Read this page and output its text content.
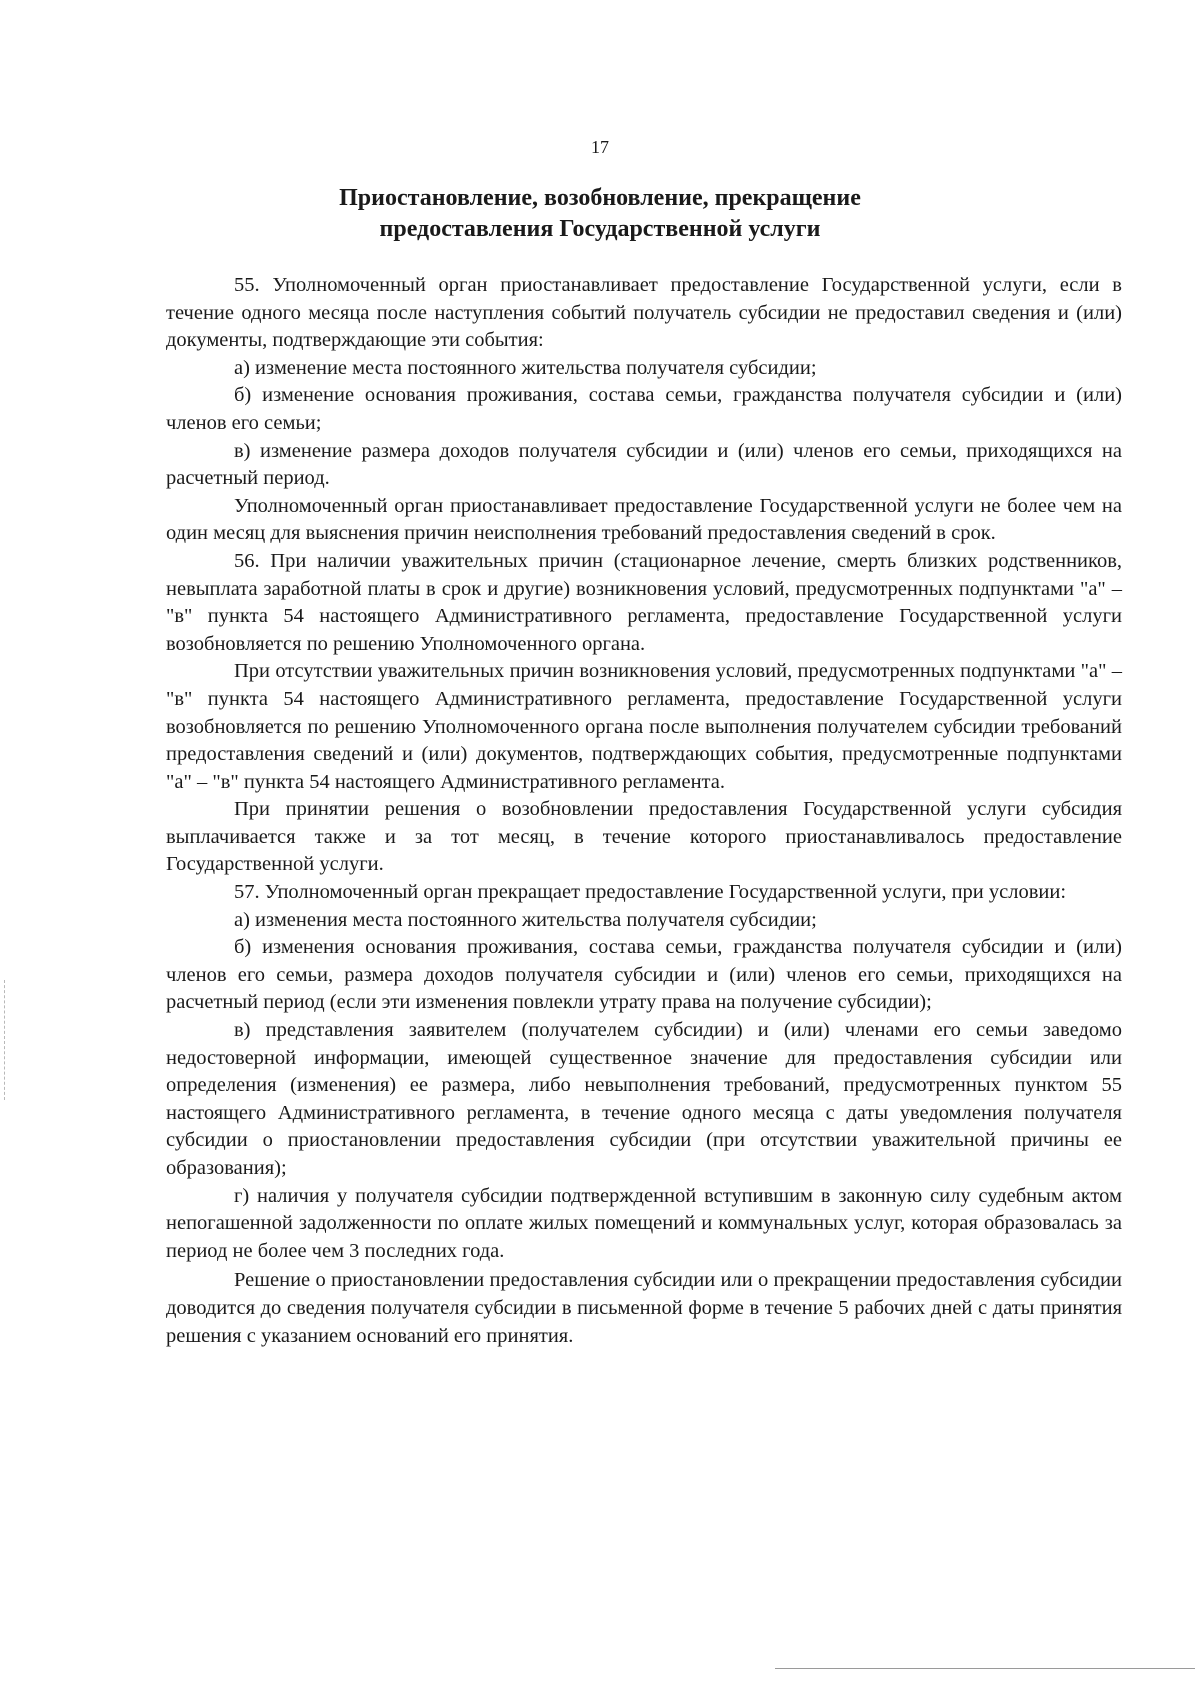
17
Приостановление, возобновление, прекращение
предоставления Государственной услуги

55. Уполномоченный орган приостанавливает предоставление Государственной услуги, если в течение одного месяца после наступления событий получатель субсидии не предоставил сведения и (или) документы, подтверждающие эти события:

а) изменение места постоянного жительства получателя субсидии;

б) изменение основания проживания, состава семьи, гражданства получателя субсидии и (или) членов его семьи;

в) изменение размера доходов получателя субсидии и (или) членов его семьи, приходящихся на расчетный период.

Уполномоченный орган приостанавливает предоставление Государственной услуги не более чем на один месяц для выяснения причин неисполнения требований предоставления сведений в срок.

56. При наличии уважительных причин (стационарное лечение, смерть близких родственников, невыплата заработной платы в срок и другие) возникновения условий, предусмотренных подпунктами "а" – "в" пункта 54 настоящего Административного регламента, предоставление Государственной услуги возобновляется по решению Уполномоченного органа.

При отсутствии уважительных причин возникновения условий, предусмотренных подпунктами "а" – "в" пункта 54 настоящего Административного регламента, предоставление Государственной услуги возобновляется по решению Уполномоченного органа после выполнения получателем субсидии требований предоставления сведений и (или) документов, подтверждающих события, предусмотренные подпунктами "а" – "в" пункта 54 настоящего Административного регламента.

При принятии решения о возобновлении предоставления Государственной услуги субсидия выплачивается также и за тот месяц, в течение которого приостанавливалось предоставление Государственной услуги.

57. Уполномоченный орган прекращает предоставление Государственной услуги, при условии:

а) изменения места постоянного жительства получателя субсидии;

б) изменения основания проживания, состава семьи, гражданства получателя субсидии и (или) членов его семьи, размера доходов получателя субсидии и (или) членов его семьи, приходящихся на расчетный период (если эти изменения повлекли утрату права на получение субсидии);

в) представления заявителем (получателем субсидии) и (или) членами его семьи заведомо недостоверной информации, имеющей существенное значение для предоставления субсидии или определения (изменения) ее размера, либо невыполнения требований, предусмотренных пунктом 55 настоящего Административного регламента, в течение одного месяца с даты уведомления получателя субсидии о приостановлении предоставления субсидии (при отсутствии уважительной причины ее образования);

г) наличия у получателя субсидии подтвержденной вступившим в законную силу судебным актом непогашенной задолженности по оплате жилых помещений и коммунальных услуг, которая образовалась за период не более чем 3 последних года.

Решение о приостановлении предоставления субсидии или о прекращении предоставления субсидии доводится до сведения получателя субсидии в письменной форме в течение 5 рабочих дней с даты принятия решения с указанием оснований его принятия.
